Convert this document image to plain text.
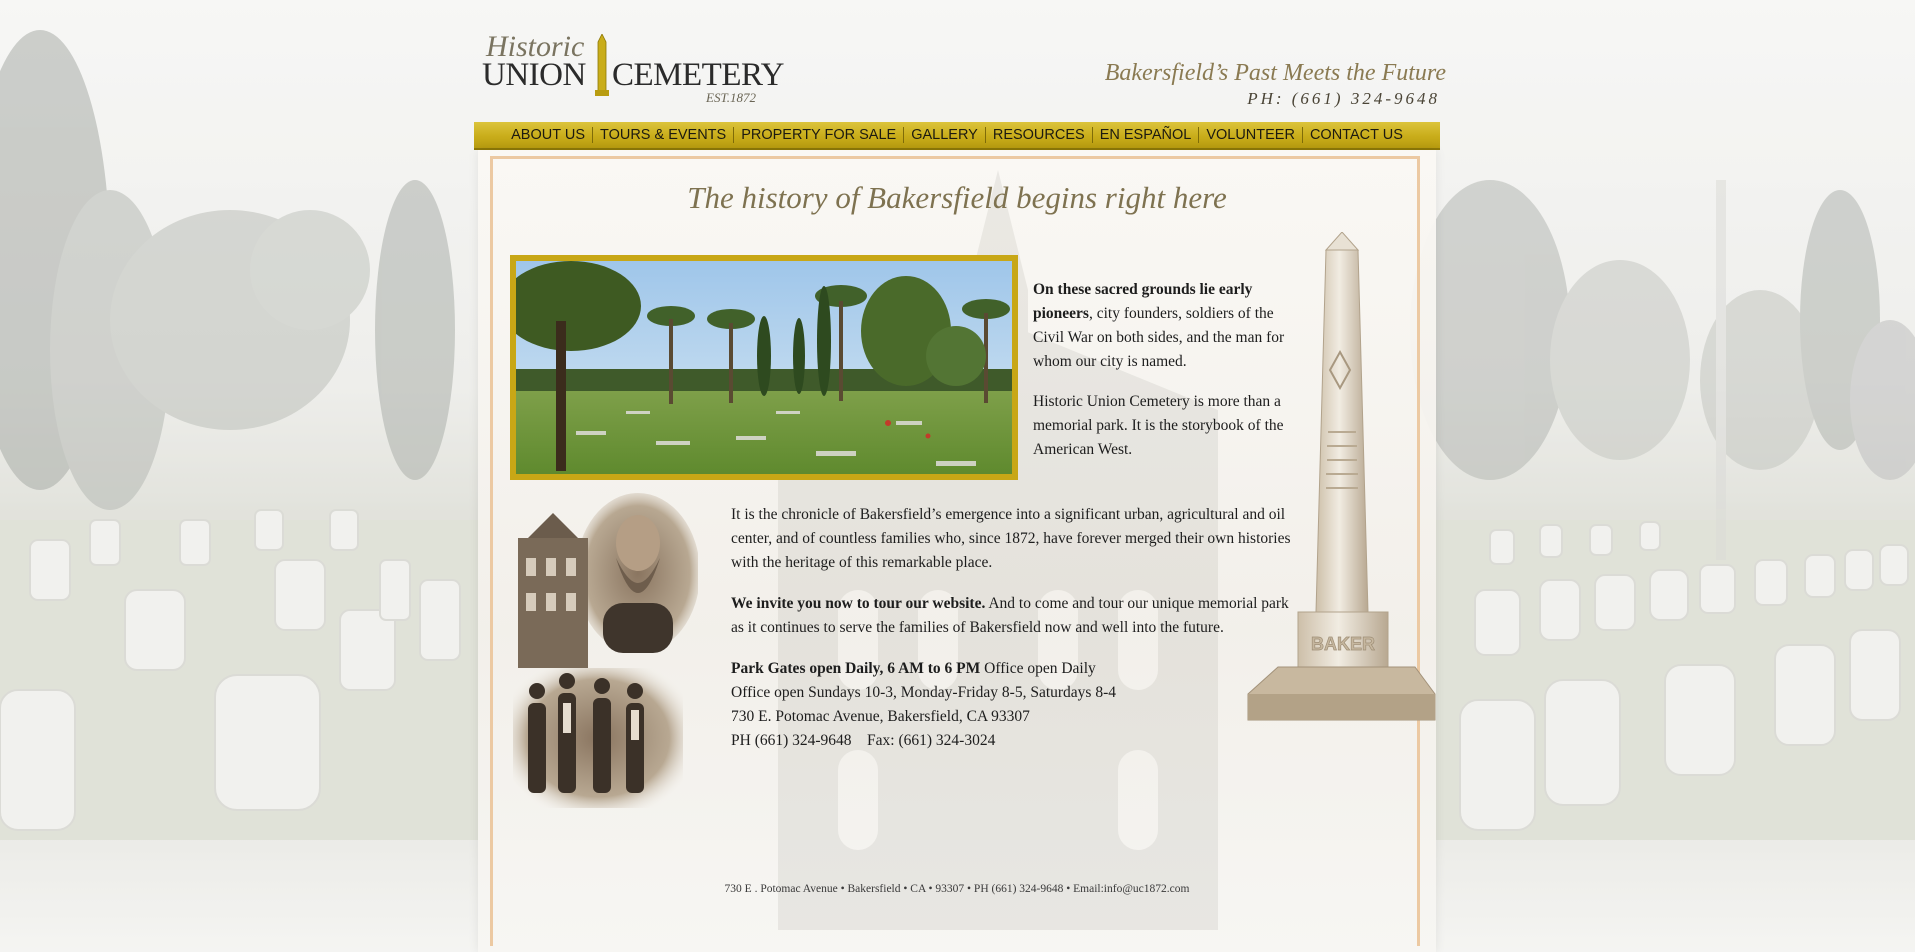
Historic
UNION CEMETERY
EST.1872
Bakersfield’s Past Meets the Future
PH: (661) 324-9648
ABOUT US	TOURS & EVENTS	PROPERTY FOR SALE	GALLERY	RESOURCES	EN ESPAÑOL	VOLUNTEER	CONTACT US
The history of Bakersfield begins right here

On these sacred grounds lie early pioneers, city founders, soldiers of the Civil War on both sides, and the man for whom our city is named.

Historic Union Cemetery is more than a memorial park. It is the storybook of the American West.

It is the chronicle of Bakersfield’s emergence into a significant urban, agricultural and oil center, and of countless families who, since 1872, have forever merged their own histories with the heritage of this remarkable place.

We invite you now to tour our website. And to come and tour our unique memorial park as it continues to serve the families of Bakersfield now and well into the future.

Park Gates open Daily, 6 AM to 6 PM Office open Daily

Office open Sundays 10-3, Monday-Friday 8-5, Saturdays 8-4

730 E. Potomac Avenue, Bakersfield, CA 93307

PH (661) 324-9648    Fax: (661) 324-3024

BAKER
730 E . Potomac Avenue • Bakersfield • CA • 93307 • PH (661) 324-9648 • Email:info@uc1872.com
